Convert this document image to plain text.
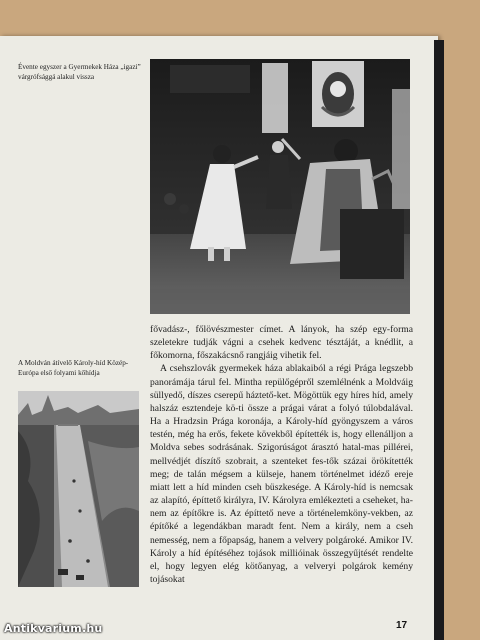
Évente egyszer a Gyermekek Háza „igazi” várgrófsággá alakul vissza
A Moldván átívelő Károly-híd Közép-Európa első folyami kőhídja

fővadász-, főlövészmester címet. A lányok, ha szép egy-forma szeletekre tudják vágni a csehek kedvenc tésztáját, a knédlit, a főkomorna, főszakácsnő rangjáig vihetik fel.

A csehszlovák gyermekek háza ablakaiból a régi Prága legszebb panorámája tárul fel. Mintha repülőgépről szemlélnénk a Moldváig süllyedő, díszes cserepű háztető-ket. Mögöttük egy híres híd, amely halszáz esztendeje kö-ti össze a prágai várat a folyó túlobdalával. Ha a Hradzsin Prága koronája, a Károly-híd gyöngyszem a város testén, még ha erős, fekete kövekből építették is, hogy ellenálljon a Moldva sebes sodrásának. Szigorúságot árasztó hatal-mas pillérei, mellvédjét díszítő szobrait, a szenteket fes-tők százai örökítették meg; de talán mégsem a külseje, hanem történelmet idéző ereje miatt lett a híd minden cseh büszkesége. A Károly-híd is nemcsak az alapító, építtető királyra, IV. Károlyra emlékezteti a cseheket, ha-nem az építőkre is. Az építtető neve a történelemköny-vekben, az építőké a legendákban maradt fent. Nem a király, nem a cseh nemesség, nem a főpapság, hanem a velvery polgároké. Amikor IV. Károly a híd építéséhez tojások millióinak összegyűjtését rendelte el, hogy legyen elég kötőanyag, a velveryi polgárok kemény tojásokat

17
Antikvarium.hu
